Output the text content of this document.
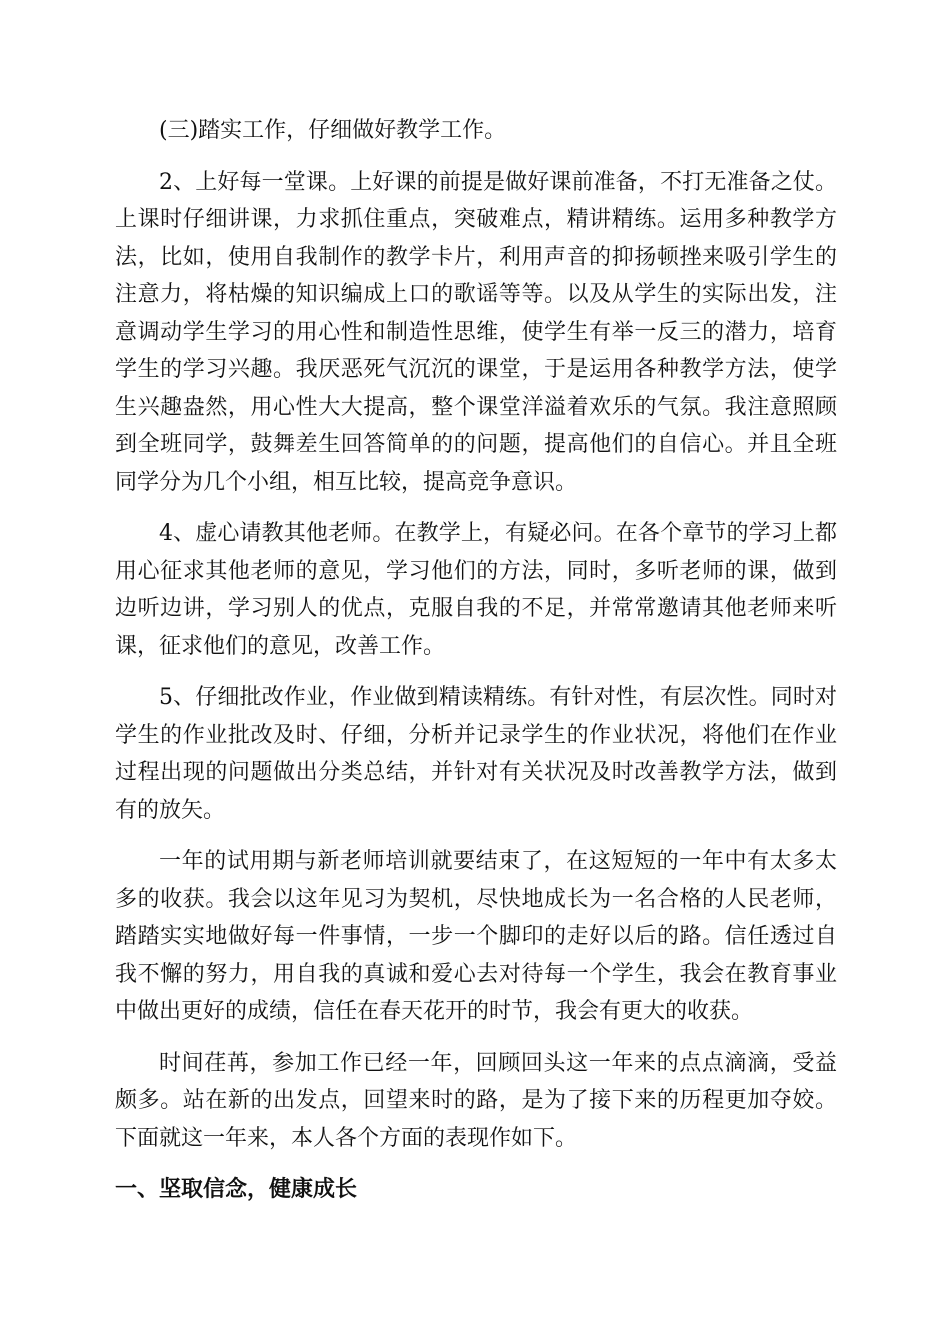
(三)踏实工作，仔细做好教学工作。

2、上好每一堂课。上好课的前提是做好课前准备，不打无准备之仗。上课时仔细讲课，力求抓住重点，突破难点，精讲精练。运用多种教学方法，比如，使用自我制作的教学卡片，利用声音的抑扬顿挫来吸引学生的注意力，将枯燥的知识编成上口的歌谣等等。以及从学生的实际出发，注意调动学生学习的用心性和制造性思维，使学生有举一反三的潜力，培育学生的学习兴趣。我厌恶死气沉沉的课堂，于是运用各种教学方法，使学生兴趣盎然，用心性大大提高，整个课堂洋溢着欢乐的气氛。我注意照顾到全班同学，鼓舞差生回答简单的的问题，提高他们的自信心。并且全班同学分为几个小组，相互比较，提高竞争意识。

4、虚心请教其他老师。在教学上，有疑必问。在各个章节的学习上都用心征求其他老师的意见，学习他们的方法，同时，多听老师的课，做到边听边讲，学习别人的优点，克服自我的不足，并常常邀请其他老师来听课，征求他们的意见，改善工作。

5、仔细批改作业，作业做到精读精练。有针对性，有层次性。同时对学生的作业批改及时、仔细，分析并记录学生的作业状况，将他们在作业过程出现的问题做出分类总结，并针对有关状况及时改善教学方法，做到有的放矢。

一年的试用期与新老师培训就要结束了，在这短短的一年中有太多太多的收获。我会以这年见习为契机，尽快地成长为一名合格的人民老师，踏踏实实地做好每一件事情，一步一个脚印的走好以后的路。信任透过自我不懈的努力，用自我的真诚和爱心去对待每一个学生，我会在教育事业中做出更好的成绩，信任在春天花开的时节，我会有更大的收获。

时间荏苒，参加工作已经一年，回顾回头这一年来的点点滴滴，受益颇多。站在新的出发点，回望来时的路，是为了接下来的历程更加夺姣。下面就这一年来，本人各个方面的表现作如下。

一、坚取信念，健康成长
